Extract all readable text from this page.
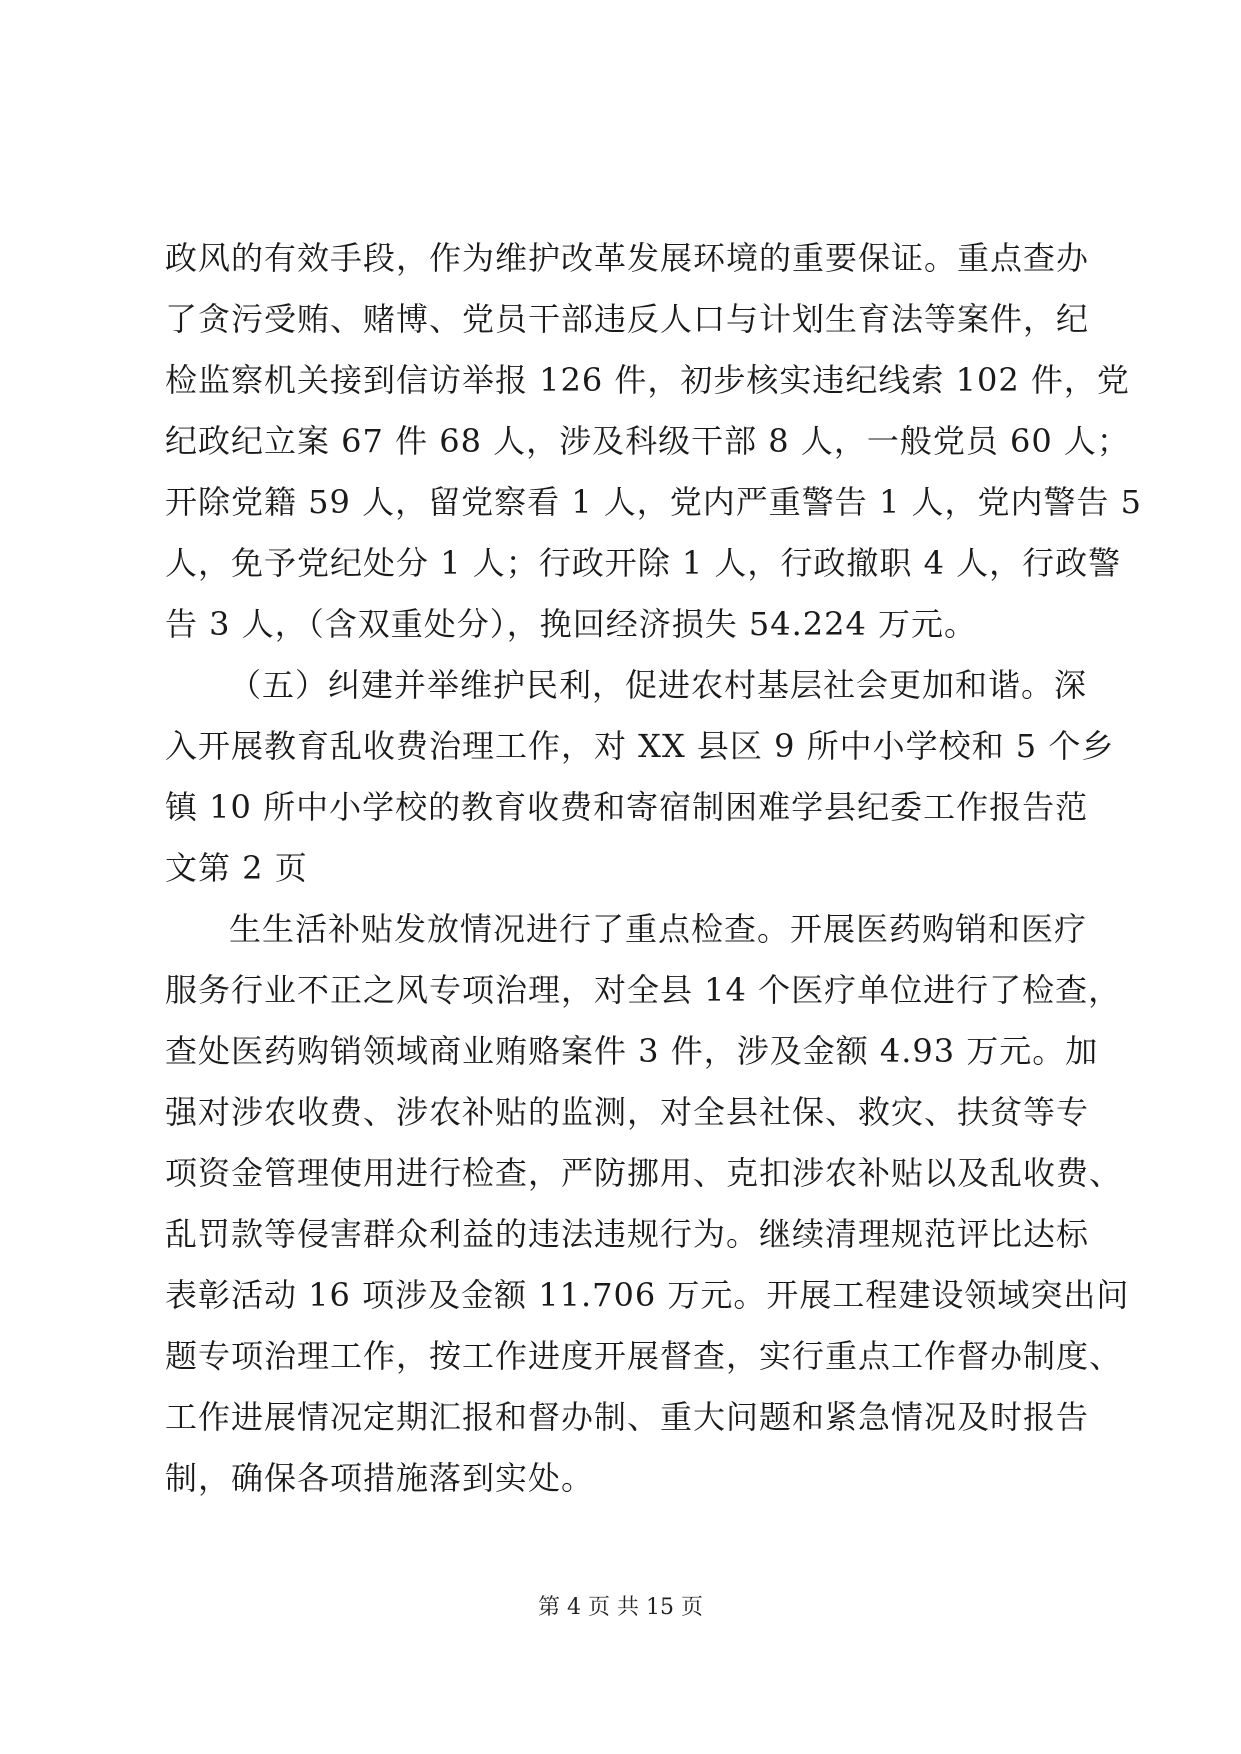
政风的有效手段，作为维护改革发展环境的重要保证。重点查办
了贪污受贿、赌博、党员干部违反人口与计划生育法等案件，纪
检监察机关接到信访举报 126 件，初步核实违纪线索 102 件，党
纪政纪立案 67 件 68 人，涉及科级干部 8 人，一般党员 60 人；
开除党籍 59 人，留党察看 1 人，党内严重警告 1 人，党内警告 5
人，免予党纪处分 1 人；行政开除 1 人，行政撤职 4 人，行政警
告 3 人，（含双重处分），挽回经济损失 54.224 万元。
（五）纠建并举维护民利，促进农村基层社会更加和谐。深
入开展教育乱收费治理工作，对 XX 县区 9 所中小学校和 5 个乡
镇 10 所中小学校的教育收费和寄宿制困难学县纪委工作报告范
文第 2 页
生生活补贴发放情况进行了重点检查。开展医药购销和医疗
服务行业不正之风专项治理，对全县 14 个医疗单位进行了检查，
查处医药购销领域商业贿赂案件 3 件，涉及金额 4.93 万元。加
强对涉农收费、涉农补贴的监测，对全县社保、救灾、扶贫等专
项资金管理使用进行检查，严防挪用、克扣涉农补贴以及乱收费、
乱罚款等侵害群众利益的违法违规行为。继续清理规范评比达标
表彰活动 16 项涉及金额 11.706 万元。开展工程建设领域突出问
题专项治理工作，按工作进度开展督查，实行重点工作督办制度、
工作进展情况定期汇报和督办制、重大问题和紧急情况及时报告
制，确保各项措施落到实处。
第 4 页 共 15 页
